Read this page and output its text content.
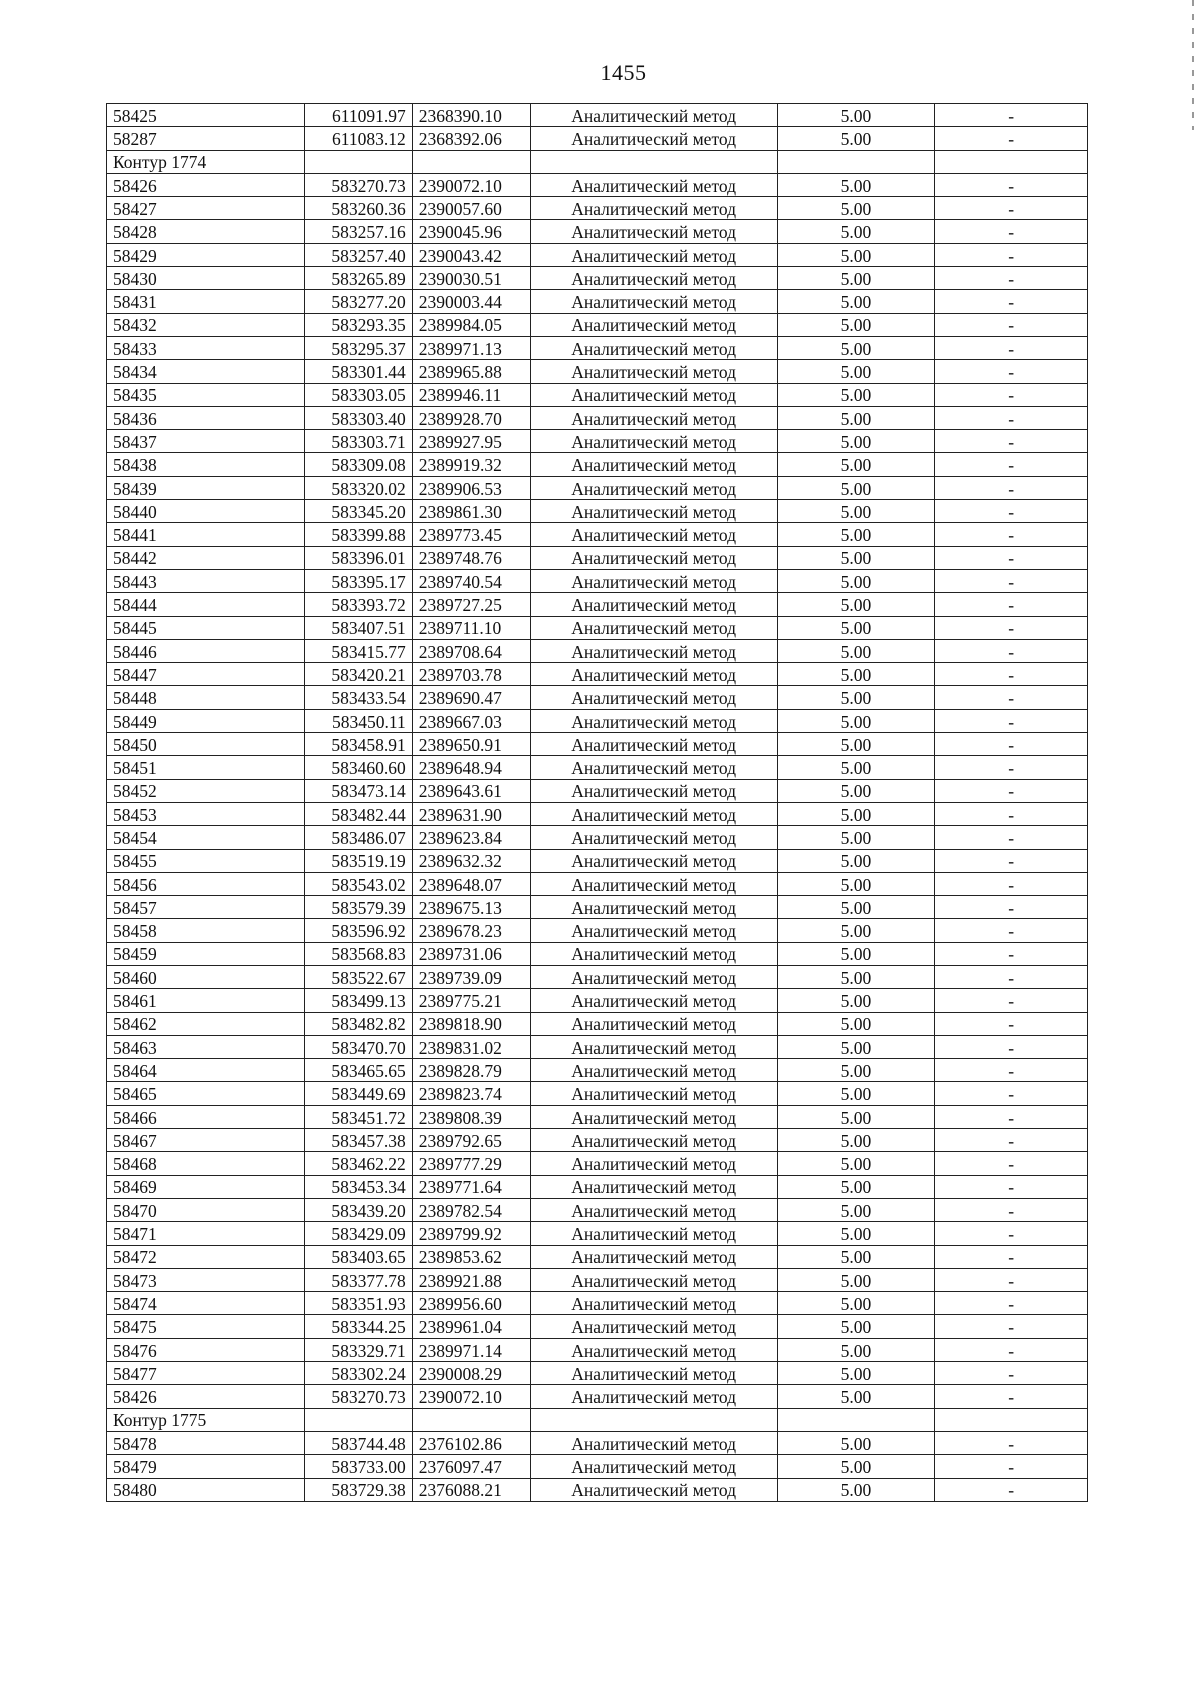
1455
58425	611091.97	2368390.10	Аналитический метод	5.00	-
58287	611083.12	2368392.06	Аналитический метод	5.00	-
Контур 1774					
58426	583270.73	2390072.10	Аналитический метод	5.00	-
58427	583260.36	2390057.60	Аналитический метод	5.00	-
58428	583257.16	2390045.96	Аналитический метод	5.00	-
58429	583257.40	2390043.42	Аналитический метод	5.00	-
58430	583265.89	2390030.51	Аналитический метод	5.00	-
58431	583277.20	2390003.44	Аналитический метод	5.00	-
58432	583293.35	2389984.05	Аналитический метод	5.00	-
58433	583295.37	2389971.13	Аналитический метод	5.00	-
58434	583301.44	2389965.88	Аналитический метод	5.00	-
58435	583303.05	2389946.11	Аналитический метод	5.00	-
58436	583303.40	2389928.70	Аналитический метод	5.00	-
58437	583303.71	2389927.95	Аналитический метод	5.00	-
58438	583309.08	2389919.32	Аналитический метод	5.00	-
58439	583320.02	2389906.53	Аналитический метод	5.00	-
58440	583345.20	2389861.30	Аналитический метод	5.00	-
58441	583399.88	2389773.45	Аналитический метод	5.00	-
58442	583396.01	2389748.76	Аналитический метод	5.00	-
58443	583395.17	2389740.54	Аналитический метод	5.00	-
58444	583393.72	2389727.25	Аналитический метод	5.00	-
58445	583407.51	2389711.10	Аналитический метод	5.00	-
58446	583415.77	2389708.64	Аналитический метод	5.00	-
58447	583420.21	2389703.78	Аналитический метод	5.00	-
58448	583433.54	2389690.47	Аналитический метод	5.00	-
58449	583450.11	2389667.03	Аналитический метод	5.00	-
58450	583458.91	2389650.91	Аналитический метод	5.00	-
58451	583460.60	2389648.94	Аналитический метод	5.00	-
58452	583473.14	2389643.61	Аналитический метод	5.00	-
58453	583482.44	2389631.90	Аналитический метод	5.00	-
58454	583486.07	2389623.84	Аналитический метод	5.00	-
58455	583519.19	2389632.32	Аналитический метод	5.00	-
58456	583543.02	2389648.07	Аналитический метод	5.00	-
58457	583579.39	2389675.13	Аналитический метод	5.00	-
58458	583596.92	2389678.23	Аналитический метод	5.00	-
58459	583568.83	2389731.06	Аналитический метод	5.00	-
58460	583522.67	2389739.09	Аналитический метод	5.00	-
58461	583499.13	2389775.21	Аналитический метод	5.00	-
58462	583482.82	2389818.90	Аналитический метод	5.00	-
58463	583470.70	2389831.02	Аналитический метод	5.00	-
58464	583465.65	2389828.79	Аналитический метод	5.00	-
58465	583449.69	2389823.74	Аналитический метод	5.00	-
58466	583451.72	2389808.39	Аналитический метод	5.00	-
58467	583457.38	2389792.65	Аналитический метод	5.00	-
58468	583462.22	2389777.29	Аналитический метод	5.00	-
58469	583453.34	2389771.64	Аналитический метод	5.00	-
58470	583439.20	2389782.54	Аналитический метод	5.00	-
58471	583429.09	2389799.92	Аналитический метод	5.00	-
58472	583403.65	2389853.62	Аналитический метод	5.00	-
58473	583377.78	2389921.88	Аналитический метод	5.00	-
58474	583351.93	2389956.60	Аналитический метод	5.00	-
58475	583344.25	2389961.04	Аналитический метод	5.00	-
58476	583329.71	2389971.14	Аналитический метод	5.00	-
58477	583302.24	2390008.29	Аналитический метод	5.00	-
58426	583270.73	2390072.10	Аналитический метод	5.00	-
Контур 1775					
58478	583744.48	2376102.86	Аналитический метод	5.00	-
58479	583733.00	2376097.47	Аналитический метод	5.00	-
58480	583729.38	2376088.21	Аналитический метод	5.00	-
